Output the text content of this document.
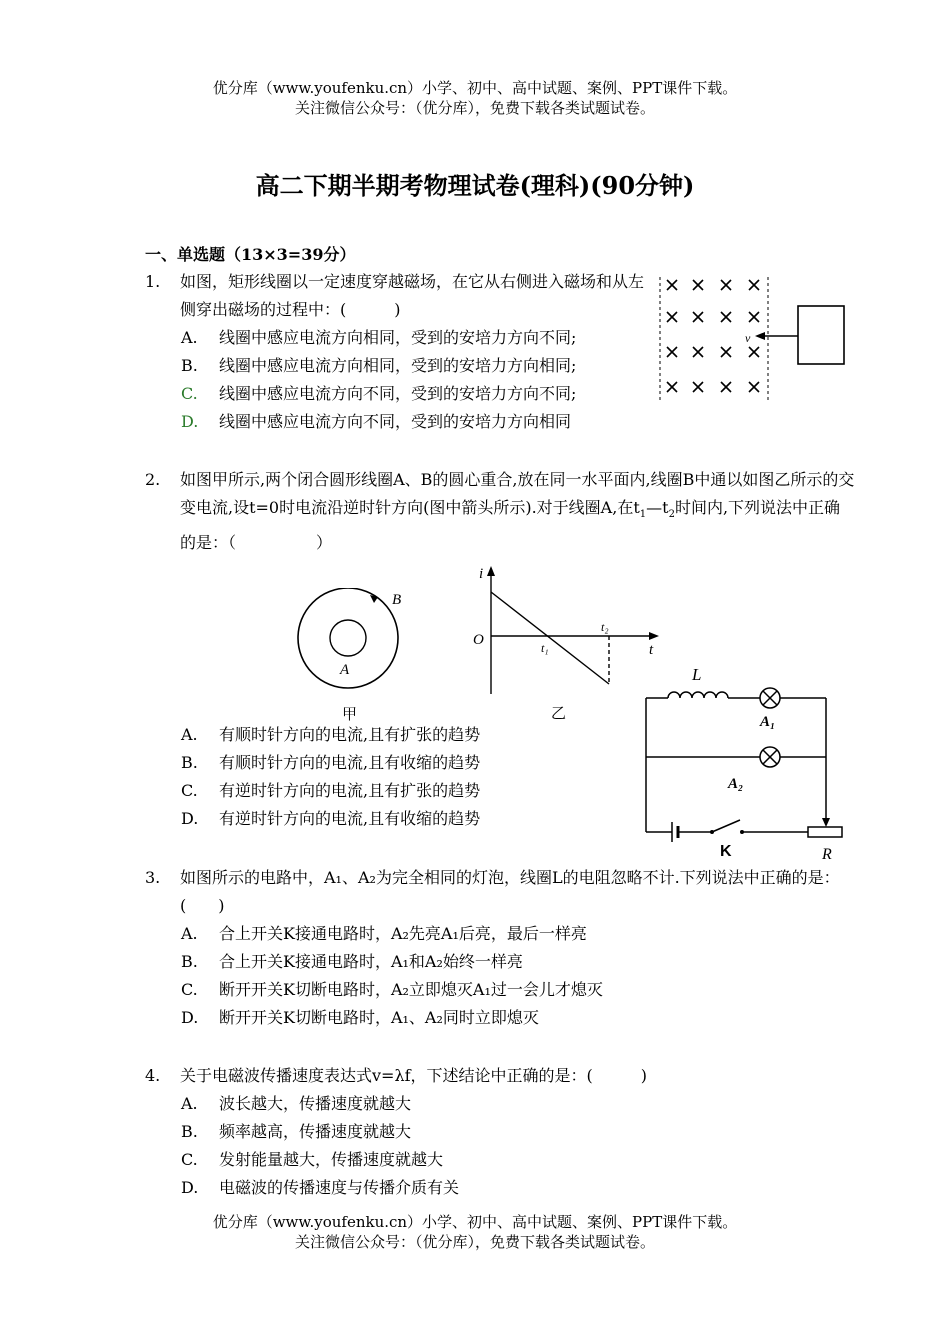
优分库（www.youfenku.cn）小学、初中、高中试题、案例、PPT课件下载。
关注微信公众号：（优分库），免费下载各类试题试卷。
高二下期半期考物理试卷(理科)(90分钟)
一、单选题（13×3=39分）
1. 如图，矩形线圈以一定速度穿越磁场，在它从右侧进入磁场和从左侧穿出磁场的过程中：(　　　)
A.	线圈中感应电流方向相同，受到的安培力方向不同;
B.	线圈中感应电流方向相同，受到的安培力方向相同;
C.	线圈中感应电流方向不同，受到的安培力方向不同;
D.	线圈中感应电流方向不同，受到的安培力方向相同
v
2. 如图甲所示,两个闭合圆形线圈A、B的圆心重合,放在同一水平面内,线圈B中通以如图乙所示的交变电流,设t=0时电流沿逆时针方向(图中箭头所示).对于线圈A,在$t_1—t_2$时间内,下列说法中正确的是：（　　　　　）
B
A
甲
i
O
t
t₁
t₂
乙
A.	有顺时针方向的电流,且有扩张的趋势
B.	有顺时针方向的电流,且有收缩的趋势
C.	有逆时针方向的电流,且有扩张的趋势
D.	有逆时针方向的电流,且有收缩的趋势
L
A₁
A₂
K	R
3. 如图所示的电路中，A₁、A₂为完全相同的灯泡，线圈L的电阻忽略不计.下列说法中正确的是：(　　)
A.	合上开关K接通电路时，A₂先亮A₁后亮，最后一样亮
B.	合上开关K接通电路时，A₁和A₂始终一样亮
C.	断开开关K切断电路时，A₂立即熄灭A₁过一会儿才熄灭
D.	断开开关K切断电路时，A₁、A₂同时立即熄灭
4. 关于电磁波传播速度表达式v=λf，下述结论中正确的是：(　　　)
A.	波长越大，传播速度就越大
B.	频率越高，传播速度就越大
C.	发射能量越大，传播速度就越大
D.	电磁波的传播速度与传播介质有关
优分库（www.youfenku.cn）小学、初中、高中试题、案例、PPT课件下载。
关注微信公众号：（优分库），免费下载各类试题试卷。
